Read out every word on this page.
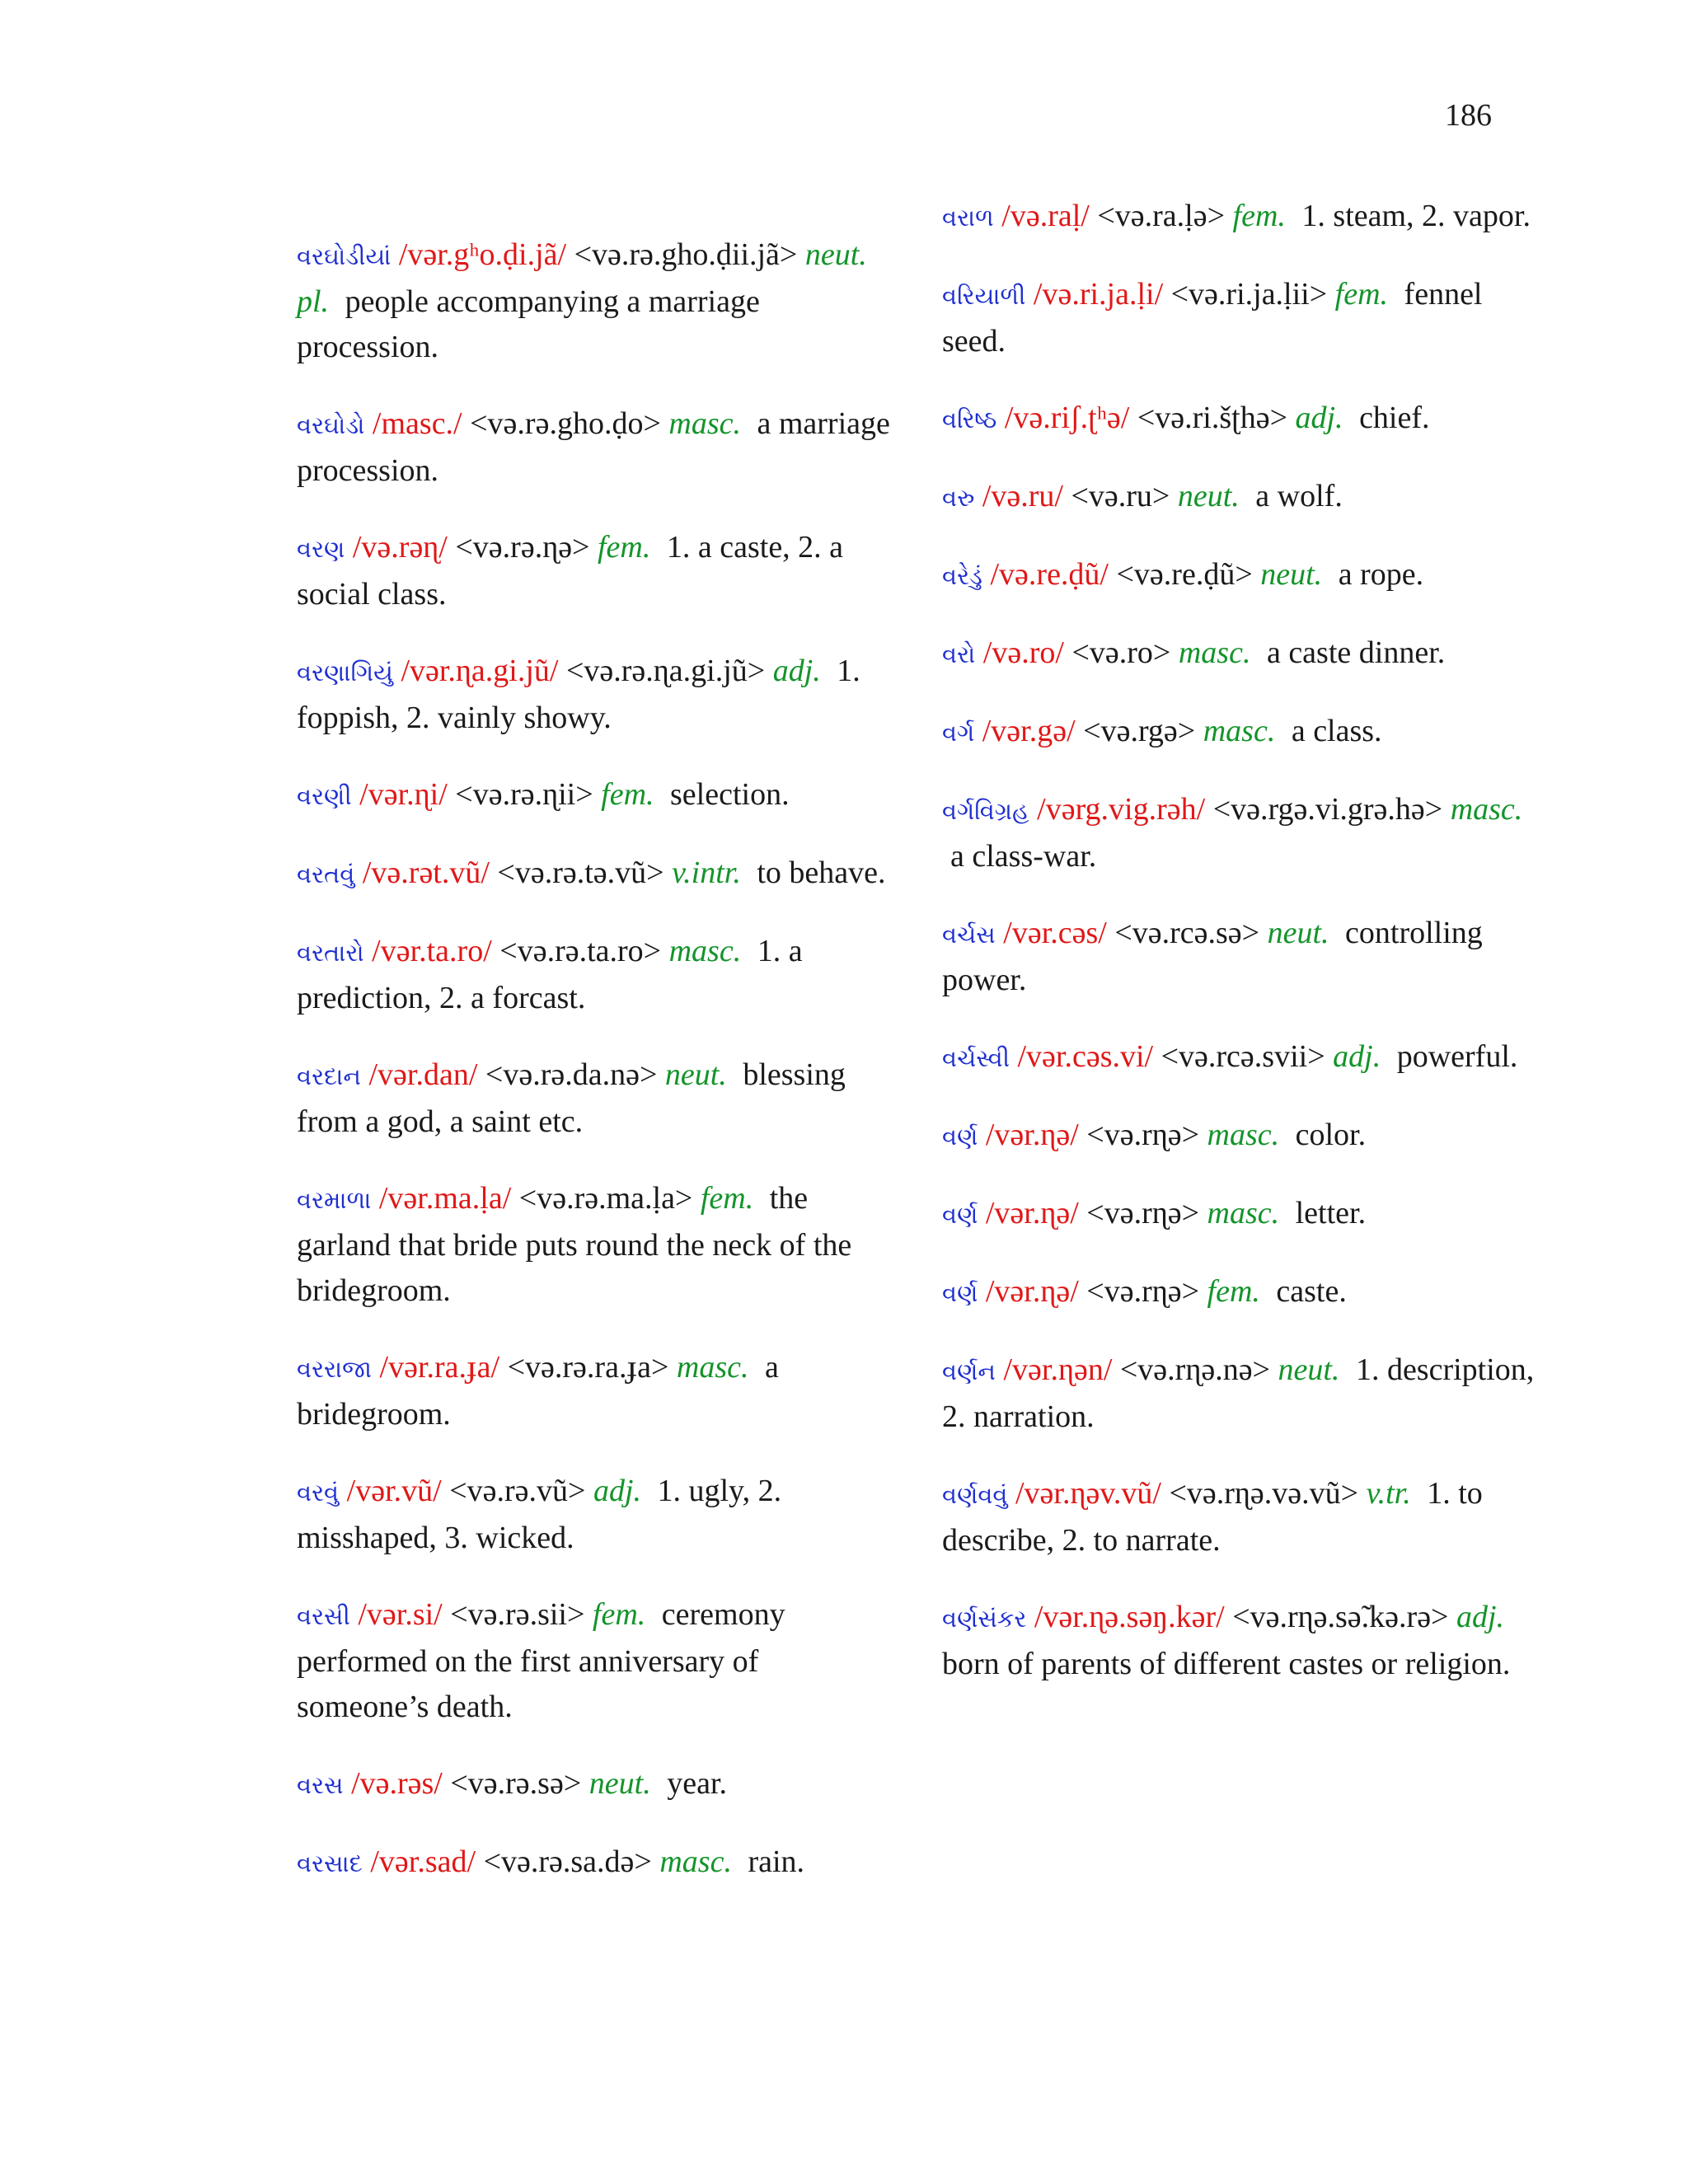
186

વરઘોડીયાં /vər.gʰo.ḍi.jã/ <və.rə.gho.ḍii.jã> neut. pl. people accompanying a marriage procession.

વરઘોડો /masc./ <və.rə.gho.ḍo> masc. a marriage procession.

વરણ /və.rəɳ/ <və.rə.ɳə> fem. 1. a caste, 2. a social class.

વરણાગિયું /vər.ɳa.gi.jũ/ <və.rə.ɳa.gi.jũ> adj. 1. foppish, 2. vainly showy.

વરણી /vər.ɳi/ <və.rə.ɳii> fem. selection.

વરતવું /və.rət.vũ/ <və.rə.tə.vũ> v.intr. to behave.

વરતારો /vər.ta.ro/ <və.rə.ta.ro> masc. 1. a prediction, 2. a forcast.

વરદાન /vər.dan/ <və.rə.da.nə> neut. blessing from a god, a saint etc.

વરમાળા /vər.ma.ḷa/ <və.rə.ma.ḷa> fem. the garland that bride puts round the neck of the bridegroom.

વરરાજા /vər.ra.ɟa/ <və.rə.ra.ɟa> masc. a bridegroom.

વરવું /vər.vũ/ <və.rə.vũ> adj. 1. ugly, 2. misshaped, 3. wicked.

વરસી /vər.si/ <və.rə.sii> fem. ceremony performed on the first anniversary of someone’s death.

વરસ /və.rəs/ <və.rə.sə> neut. year.

વરસાદ /vər.sad/ <və.rə.sa.də> masc. rain.

વરાળ /və.raḷ/ <və.ra.ḷə> fem. 1. steam, 2. vapor.

વરિયાળી /və.ri.ja.ḷi/ <və.ri.ja.ḷii> fem. fennel seed.

વરિષ્ઠ /və.riʃ.ʈʰə/ <və.ri.šʈhə> adj. chief.

વરુ /və.ru/ <və.ru> neut. a wolf.

વરેડું /və.re.ḍũ/ <və.re.ḍũ> neut. a rope.

વરો /və.ro/ <və.ro> masc. a caste dinner.

વર્ગ /vər.gə/ <və.rgə> masc. a class.

વર્ગવિગ્રહ /vərg.vig.rəh/ <və.rgə.vi.grə.hə> masc. a class-war.

વર્ચસ /vər.cəs/ <və.rcə.sə> neut. controlling power.

વર્ચસ્વી /vər.cəs.vi/ <və.rcə.svii> adj. powerful.

વર્ણ /vər.ɳə/ <və.rɳə> masc. color.

વર્ણ /vər.ɳə/ <və.rɳə> masc. letter.

વર્ણ /vər.ɳə/ <və.rɳə> fem. caste.

વર્ણન /vər.ɳən/ <və.rɳə.nə> neut. 1. description, 2. narration.

વર્ણવવું /vər.ɳəv.vũ/ <və.rɳə.və.vũ> v.tr. 1. to describe, 2. to narrate.

વર્ણસંકર /vər.ɳə.səŋ.kər/ <və.rɳə.sə̃.kə.rə> adj. born of parents of different castes or religion.
